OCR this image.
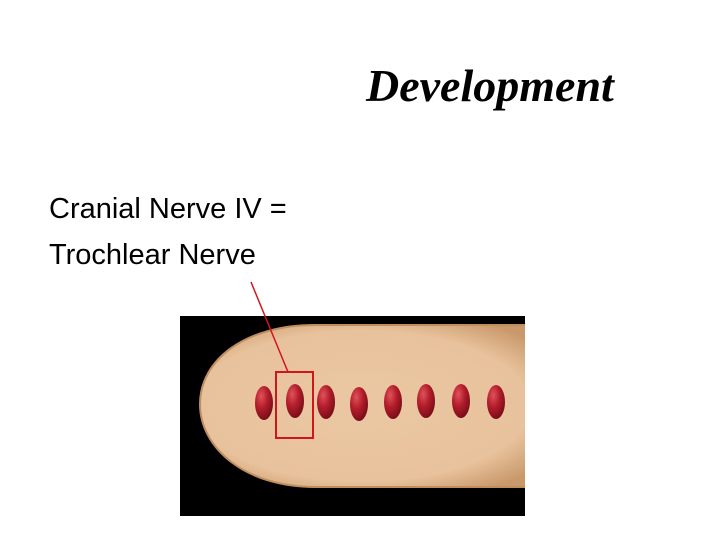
Development
Cranial Nerve IV =
Trochlear Nerve
